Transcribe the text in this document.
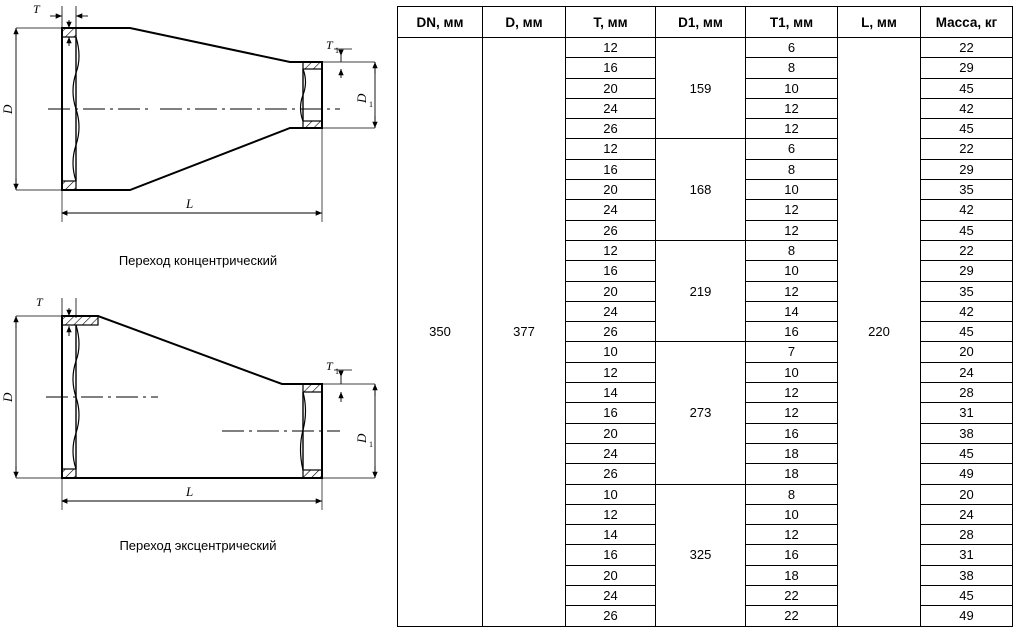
T
D
T 1
D
1
L
Переход концентрический
T
D
T 1
D
1
L
Переход эксцентрический
DN, мм	D, мм	T, мм	D1, мм	T1, мм	L, мм	Масса, кг
350	377	12	159	6	220	22
		16		8		29
		20		10		45
		24		12		42
		26		12		45
		12	168	6		22
		16		8		29
		20		10		35
		24		12		42
		26		12		45
		12	219	8		22
		16		10		29
		20		12		35
		24		14		42
		26		16		45
		10	273	7		20
		12		10		24
		14		12		28
		16		12		31
		20		16		38
		24		18		45
		26		18		49
		10	325	8		20
		12		10		24
		14		12		28
		16		16		31
		20		18		38
		24		22		45
		26		22		49
